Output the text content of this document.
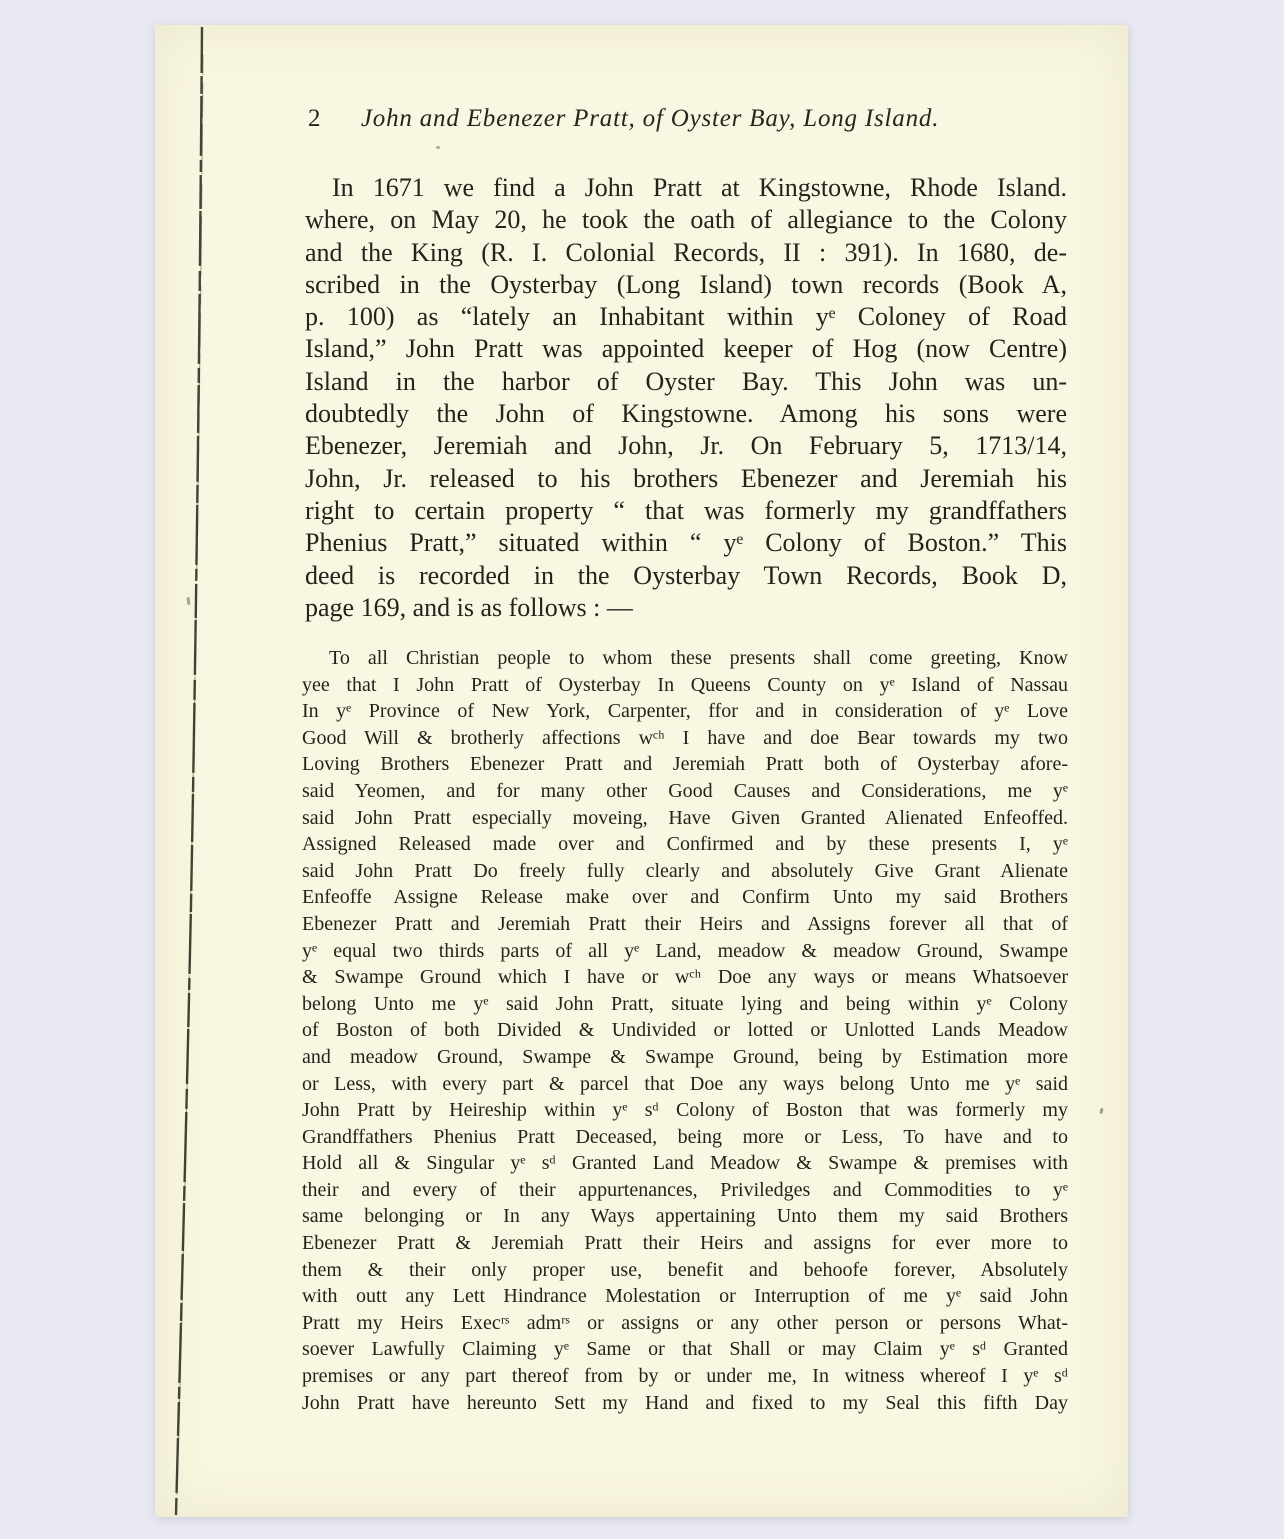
2 John and Ebenezer Pratt, of Oyster Bay, Long Island.
In 1671 we find a John Pratt at Kingstowne, Rhode Island.
where, on May 20, he took the oath of allegiance to the Colony
and the King (R. I. Colonial Records, II : 391). In 1680, de-
scribed in the Oysterbay (Long Island) town records (Book A,
p. 100) as “lately an Inhabitant within yᵉ Coloney of Road
Island,” John Pratt was appointed keeper of Hog (now Centre)
Island in the harbor of Oyster Bay. This John was un-
doubtedly the John of Kingstowne. Among his sons were
Ebenezer, Jeremiah and John, Jr. On February 5, 1713/14,
John, Jr. released to his brothers Ebenezer and Jeremiah his
right to certain property “ that was formerly my grandffathers
Phenius Pratt,” situated within “ yᵉ Colony of Boston.” This
deed is recorded in the Oysterbay Town Records, Book D,
page 169, and is as follows : —
To all Christian people to whom these presents shall come greeting, Know
yee that I John Pratt of Oysterbay In Queens County on yᵉ Island of Nassau
In yᵉ Province of New York, Carpenter, ffor and in consideration of yᵉ Love
Good Will & brotherly affections wᶜʰ I have and doe Bear towards my two
Loving Brothers Ebenezer Pratt and Jeremiah Pratt both of Oysterbay afore-
said Yeomen, and for many other Good Causes and Considerations, me yᵉ
said John Pratt especially moveing, Have Given Granted Alienated Enfeoffed.
Assigned Released made over and Confirmed and by these presents I, yᵉ
said John Pratt Do freely fully clearly and absolutely Give Grant Alienate
Enfeoffe Assigne Release make over and Confirm Unto my said Brothers
Ebenezer Pratt and Jeremiah Pratt their Heirs and Assigns forever all that of
yᵉ equal two thirds parts of all yᵉ Land, meadow & meadow Ground, Swampe
& Swampe Ground which I have or wᶜʰ Doe any ways or means Whatsoever
belong Unto me yᵉ said John Pratt, situate lying and being within yᵉ Colony
of Boston of both Divided & Undivided or lotted or Unlotted Lands Meadow
and meadow Ground, Swampe & Swampe Ground, being by Estimation more
or Less, with every part & parcel that Doe any ways belong Unto me yᵉ said
John Pratt by Heireship within yᵉ sᵈ Colony of Boston that was formerly my
Grandffathers Phenius Pratt Deceased, being more or Less, To have and to
Hold all & Singular yᵉ sᵈ Granted Land Meadow & Swampe & premises with
their and every of their appurtenances, Priviledges and Commodities to yᵉ
same belonging or In any Ways appertaining Unto them my said Brothers
Ebenezer Pratt & Jeremiah Pratt their Heirs and assigns for ever more to
them & their only proper use, benefit and behoofe forever, Absolutely
with outt any Lett Hindrance Molestation or Interruption of me yᵉ said John
Pratt my Heirs Execʳˢ admʳˢ or assigns or any other person or persons What-
soever Lawfully Claiming yᵉ Same or that Shall or may Claim yᵉ sᵈ Granted
premises or any part thereof from by or under me, In witness whereof I yᵉ sᵈ
John Pratt have hereunto Sett my Hand and fixed to my Seal this fifth Day
